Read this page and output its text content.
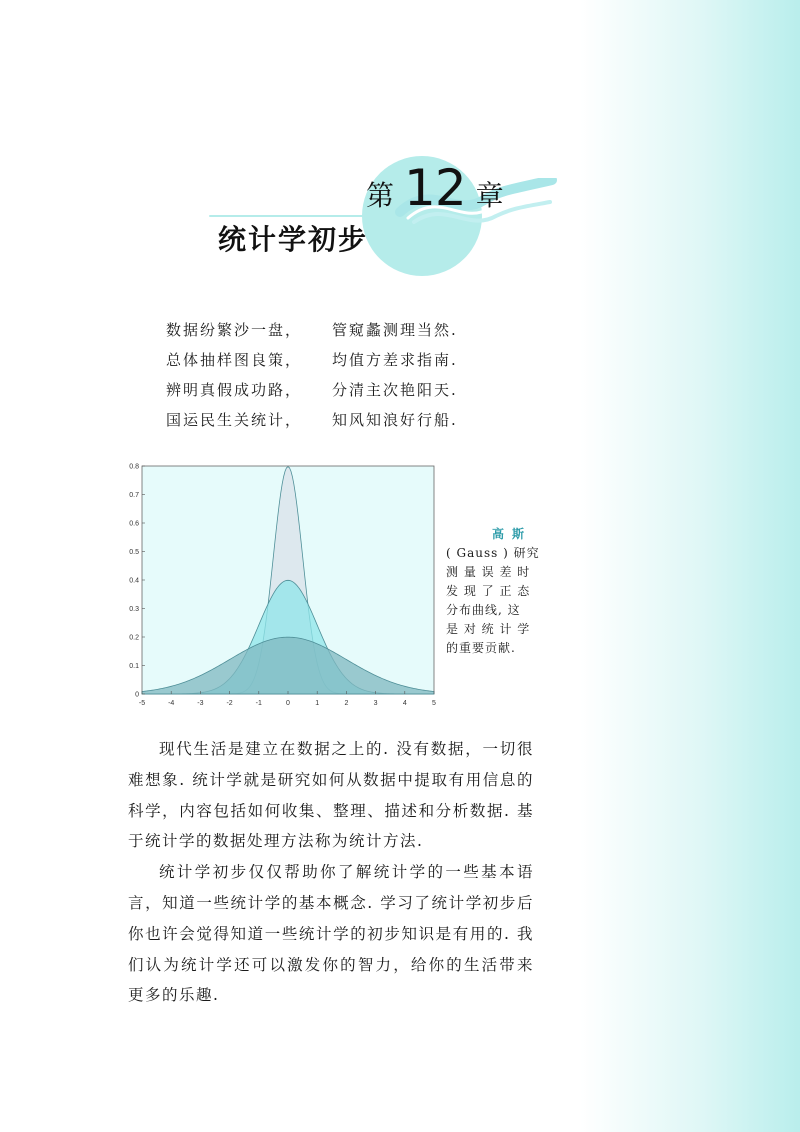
第 12 章
统计学初步
数据纷繁沙一盘，	管窥蠡测理当然.
总体抽样图良策，	均值方差求指南.
辨明真假成功路，	分清主次艳阳天.
国运民生关统计，	知风知浪好行船.
-5	-4	-3	-2	-1	0	1	2	3	4	5
0
0.1
0.2
0.3
0.4
0.5
0.6
0.7
0.8
高斯
( Gauss ) 研究
测 量 误 差 时
发 现 了 正 态
分布曲线, 这
是 对 统 计 学
的重要贡献.

现代生活是建立在数据之上的. 没有数据，一切很难想象. 统计学就是研究如何从数据中提取有用信息的科学，内容包括如何收集、整理、描述和分析数据. 基于统计学的数据处理方法称为统计方法.

统计学初步仅仅帮助你了解统计学的一些基本语言，知道一些统计学的基本概念. 学习了统计学初步后你也许会觉得知道一些统计学的初步知识是有用的. 我们认为统计学还可以激发你的智力，给你的生活带来更多的乐趣.
